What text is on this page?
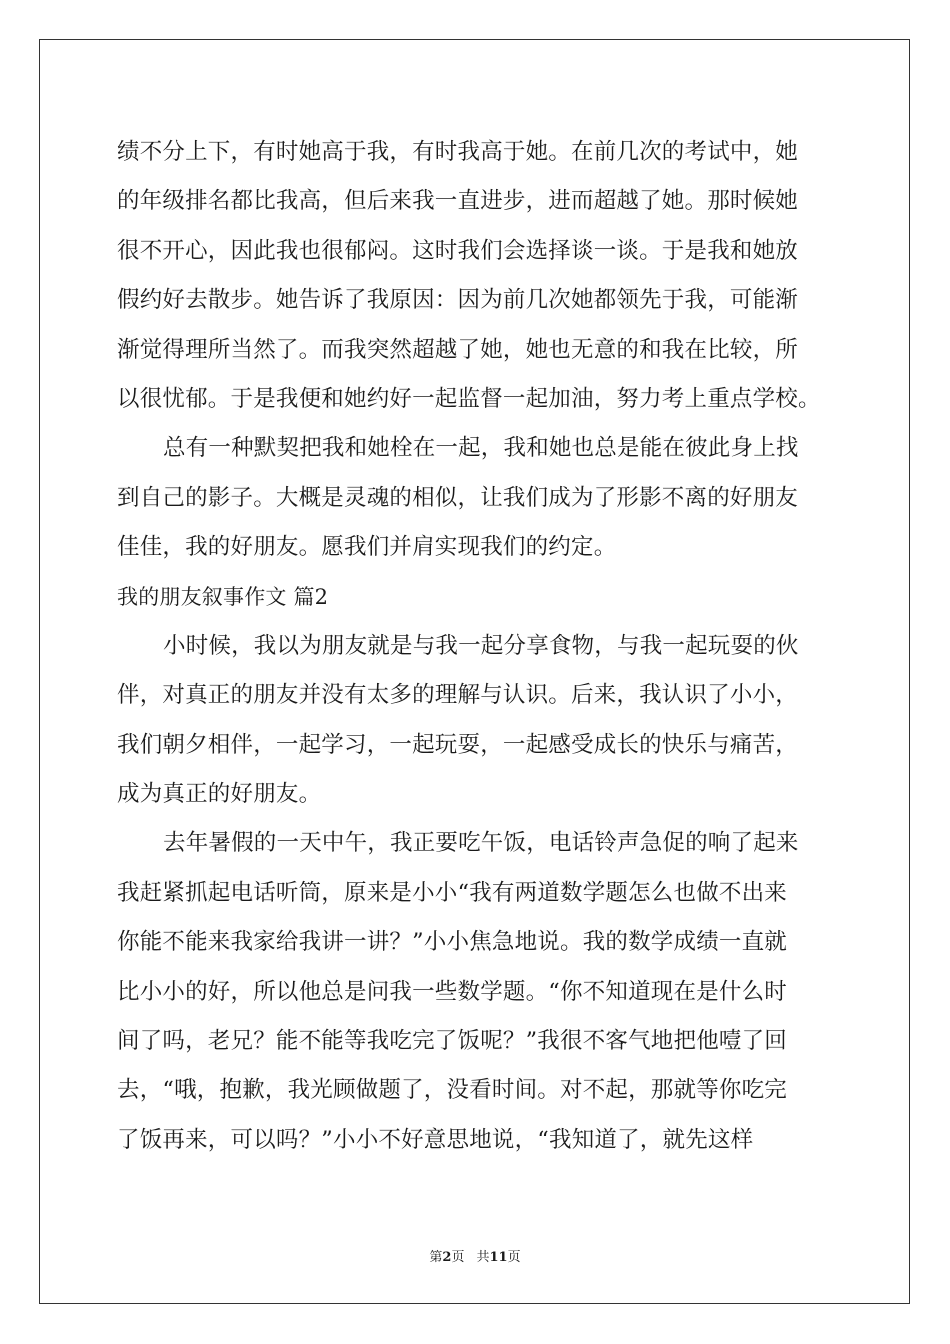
绩不分上下，有时她高于我，有时我高于她。在前几次的考试中，她
的年级排名都比我高，但后来我一直进步，进而超越了她。那时候她
很不开心，因此我也很郁闷。这时我们会选择谈一谈。于是我和她放
假约好去散步。她告诉了我原因：因为前几次她都领先于我，可能渐
渐觉得理所当然了。而我突然超越了她，她也无意的和我在比较，所
以很忧郁。于是我便和她约好一起监督一起加油，努力考上重点学校。
总有一种默契把我和她栓在一起，我和她也总是能在彼此身上找
到自己的影子。大概是灵魂的相似，让我们成为了形影不离的好朋友
佳佳，我的好朋友。愿我们并肩实现我们的约定。
我的朋友叙事作文 篇2
小时候，我以为朋友就是与我一起分享食物，与我一起玩耍的伙
伴，对真正的朋友并没有太多的理解与认识。后来，我认识了小小，
我们朝夕相伴，一起学习，一起玩耍，一起感受成长的快乐与痛苦，
成为真正的好朋友。
去年暑假的一天中午，我正要吃午饭，电话铃声急促的响了起来
我赶紧抓起电话听筒，原来是小小“我有两道数学题怎么也做不出来
你能不能来我家给我讲一讲？”小小焦急地说。我的数学成绩一直就
比小小的好，所以他总是问我一些数学题。“你不知道现在是什么时
间了吗，老兄？能不能等我吃完了饭呢？”我很不客气地把他噎了回
去，“哦，抱歉，我光顾做题了，没看时间。对不起，那就等你吃完
了饭再来，可以吗？”小小不好意思地说，“我知道了，就先这样
第2页 共11页
